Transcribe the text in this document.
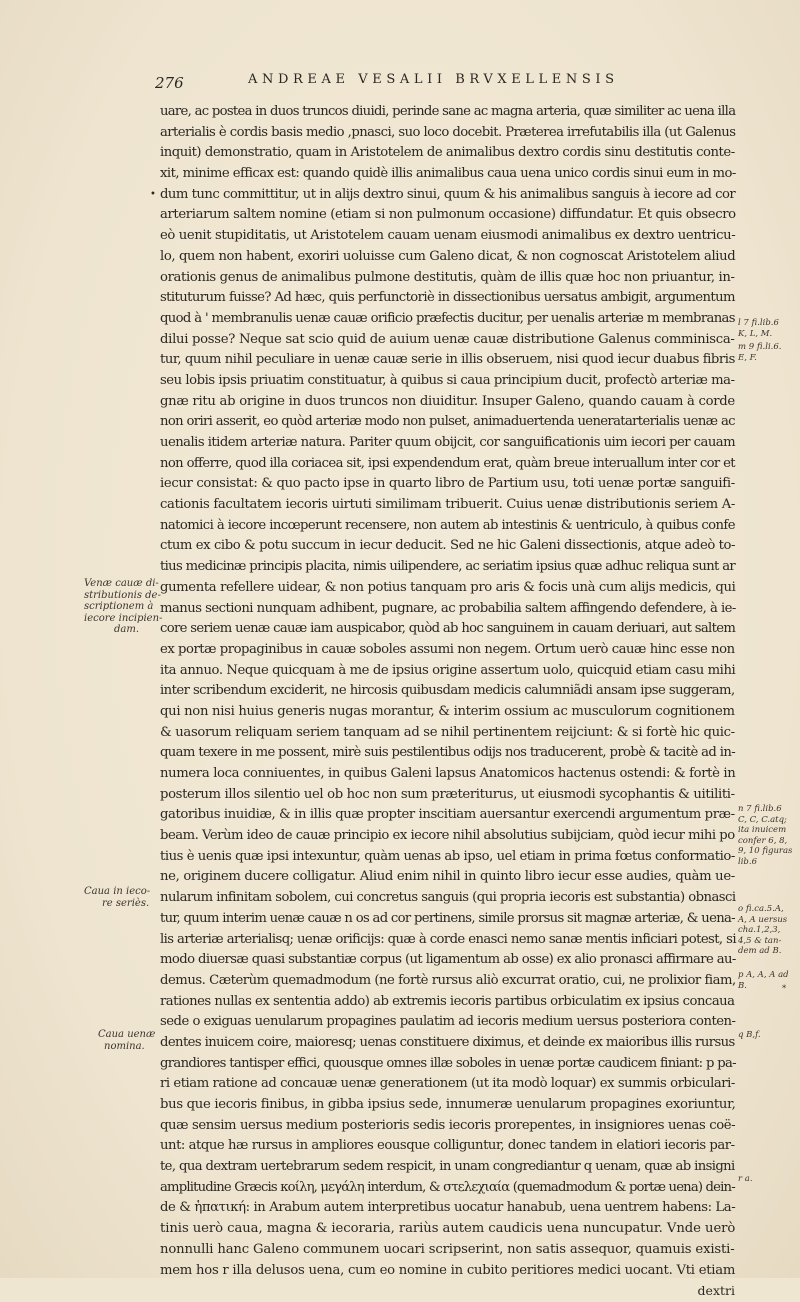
276	ANDREAE VESALII BRVXELLENSIS
•
uare, ac postea in duos truncos diuidi, perinde sane ac magna arteria, quæ similiter ac uena illa
arterialis è cordis basis medio ,pnasci, suo loco docebit. Præterea irrefutabilis illa (ut Galenus
inquit) demonstratio, quam in Aristotelem de animalibus dextro cordis sinu destitutis conte-
xit, minime efficax est: quando quidè illis animalibus caua uena unico cordis sinui eum in mo-
dum tunc committitur, ut in alijs dextro sinui, quum & his animalibus sanguis à iecore ad cor
arteriarum saltem nomine (etiam si non pulmonum occasione) diffundatur. Et quis obsecro
eò uenit stupiditatis, ut Aristotelem cauam uenam eiusmodi animalibus ex dextro uentricu-
lo, quem non habent, exoriri uoluisse cum Galeno dicat, & non cognoscat Aristotelem aliud
orationis genus de animalibus pulmone destitutis, quàm de illis quæ hoc non priuantur, in-
stituturum fuisse? Ad hæc, quis perfunctoriè in dissectionibus uersatus ambigit, argumentum
quod à ' membranulis uenæ cauæ orificio præfectis ducitur, per uenalis arteriæ m membranas
dilui posse? Neque sat scio quid de auium uenæ cauæ distributione Galenus comminisca-
tur, quum nihil peculiare in uenæ cauæ serie in illis obseruem, nisi quod iecur duabus fibris
seu lobis ipsis priuatim constituatur, à quibus si caua principium ducit, profectò arteriæ ma-
gnæ ritu ab origine in duos truncos non diuiditur. Insuper Galeno, quando cauam à corde
non oriri asserit, eo quòd arteriæ modo non pulset, animaduertenda ueneratarterialis uenæ ac
uenalis itidem arteriæ natura. Pariter quum obijcit, cor sanguificationis uim iecori per cauam
non offerre, quod illa coriacea sit, ipsi expendendum erat, quàm breue interuallum inter cor et
iecur consistat: & quo pacto ipse in quarto libro de Partium usu, toti uenæ portæ sanguifi-
cationis facultatem iecoris uirtuti similimam tribuerit. Cuius uenæ distributionis seriem A-
natomici à iecore incœperunt recensere, non autem ab intestinis & uentriculo, à quibus confe
ctum ex cibo & potu succum in iecur deducit. Sed ne hic Galeni dissectionis, atque adeò to-
tius medicinæ principis placita, nimis uilipendere, ac seriatim ipsius quæ adhuc reliqua sunt ar
gumenta refellere uidear, & non potius tanquam pro aris & focis unà cum alijs medicis, qui
manus sectioni nunquam adhibent, pugnare, ac probabilia saltem affingendo defendere, à ie-
core seriem uenæ cauæ iam auspicabor, quòd ab hoc sanguinem in cauam deriuari, aut saltem
ex portæ propaginibus in cauæ soboles assumi non negem. Ortum uerò cauæ hinc esse non
ita annuo. Neque quicquam à me de ipsius origine assertum uolo, quicquid etiam casu mihi
inter scribendum exciderit, ne hircosis quibusdam medicis calumniãdi ansam ipse suggeram,
qui non nisi huius generis nugas morantur, & interim ossium ac musculorum cognitionem
& uasorum reliquam seriem tanquam ad se nihil pertinentem reijciunt: & si fortè hic quic-
quam texere in me possent, mirè suis pestilentibus odijs nos traducerent, probè & tacitè ad in-
numera loca conniuentes, in quibus Galeni lapsus Anatomicos hactenus ostendi: & fortè in
posterum illos silentio uel ob hoc non sum præteriturus, ut eiusmodi sycophantis & uitiliti-
gatoribus inuidiæ, & in illis quæ propter inscitiam auersantur exercendi argumentum præ-
beam. Verùm ideo de cauæ principio ex iecore nihil absolutius subijciam, quòd iecur mihi po
tius è uenis quæ ipsi intexuntur, quàm uenas ab ipso, uel etiam in prima fœtus conformatio-
ne, originem ducere colligatur. Aliud enim nihil in quinto libro iecur esse audies, quàm ue-
nularum infinitam sobolem, cui concretus sanguis (qui propria iecoris est substantia) obnasci
tur, quum interim uenæ cauæ n os ad cor pertinens, simile prorsus sit magnæ arteriæ, & uena-
lis arteriæ arterialisq; uenæ orificijs: quæ à corde enasci nemo sanæ mentis inficiari potest, si
modo diuersæ quasi substantiæ corpus (ut ligamentum ab osse) ex alio pronasci affirmare au-
demus. Cæterùm quemadmodum (ne fortè rursus aliò excurrat oratio, cui, ne prolixior fiam,
rationes nullas ex sententia addo) ab extremis iecoris partibus orbiculatim ex ipsius concaua
sede o exiguas uenularum propagines paulatim ad iecoris medium uersus posteriora conten-
dentes inuicem coire, maioresq; uenas constituere diximus, et deinde ex maioribus illis rursus
grandiores tantisper effici, quousque omnes illæ soboles in uenæ portæ caudicem finiant: p pa-
ri etiam ratione ad concauæ uenæ generationem (ut ita modò loquar) ex summis orbiculari-
bus que iecoris finibus, in gibba ipsius sede, innumeræ uenularum propagines exoriuntur,
quæ sensim uersus medium posterioris sedis iecoris prorepentes, in insigniores uenas coë-
unt: atque hæ rursus in ampliores eousque colliguntur, donec tandem in elatiori iecoris par-
te, qua dextram uertebrarum sedem respicit, in unam congrediantur q uenam, quæ ab insigni
amplitudine Græcis κοίλη, μεγάλη interdum, & στελεχιαία (quemadmodum & portæ uena) dein-
de & ἡπατική: in Arabum autem interpretibus uocatur hanabub, uena uentrem habens: La-
tinis uerò caua, magna & iecoraria, rariùs autem caudicis uena nuncupatur. Vnde uerò
nonnulli hanc Galeno communem uocari scripserint, non satis assequor, quamuis existi-
mem hos r illa delusos uena, cum eo nomine in cubito peritiores medici uocant. Vti etiam
dextri
Venæ cauæ di-
stributionis de-
scriptionem à
iecore incipien-
dam.
Caua in ieco-
re seriès.
Caua uenæ
nomina.
l 7 fi.lib.6
K, L, M.
m 9 fi.li.6.
E, F.
n 7 fi.lib.6
C, C, C.atq;
ita inuicem
confer 6, 8,
9, 10 figuras
lib.6
o fi.ca.5.A,
A, A uersus
cha.1,2,3,
4,5 & tan-
dem ad B.
p A, A, A ad
B.	*
q B,f.
r a.
